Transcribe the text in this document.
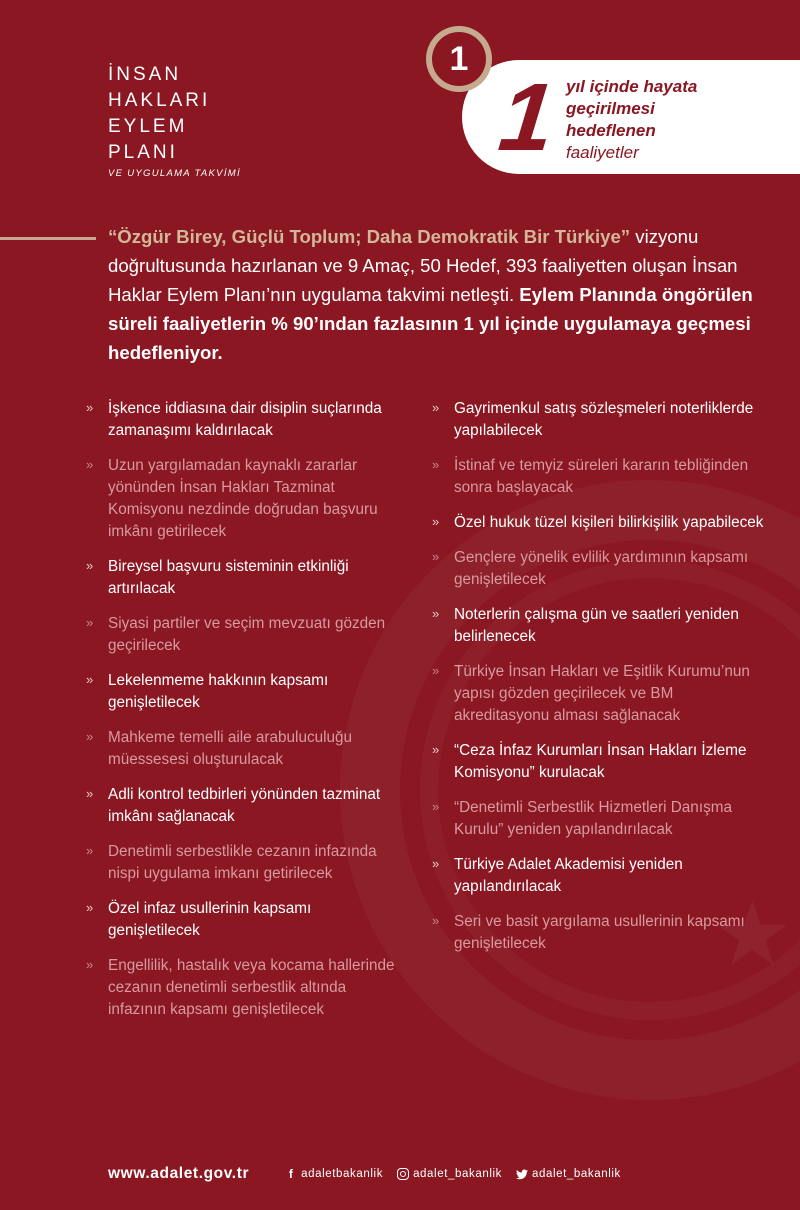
★
İNSAN
HAKLARI
EYLEM
PLANI
VE UYGULAMA TAKVİMİ
1
1 yıl içinde hayata
geçirilmesi
hedeflenen
faaliyetler
“Özgür Birey, Güçlü Toplum; Daha Demokratik Bir Türkiye” vizyonu doğrultusunda hazırlanan ve 9 Amaç, 50 Hedef, 393 faaliyetten oluşan İnsan Haklar Eylem Planı’nın uygulama takvimi netleşti. Eylem Planında öngörülen süreli faaliyetlerin % 90’ından fazlasının 1 yıl içinde uygulamaya geçmesi hedefleniyor.
» İşkence iddiasına dair disiplin suçlarında zamanaşımı kaldırılacak
» Uzun yargılamadan kaynaklı zararlar yönünden İnsan Hakları Tazminat Komisyonu nezdinde doğrudan başvuru imkânı getirilecek
» Bireysel başvuru sisteminin etkinliği artırılacak
» Siyasi partiler ve seçim mevzuatı gözden geçirilecek
» Lekelenmeme hakkının kapsamı genişletilecek
» Mahkeme temelli aile arabuluculuğu müessesesi oluşturulacak
» Adli kontrol tedbirleri yönünden tazminat imkânı sağlanacak
» Denetimli serbestlikle cezanın infazında nispi uygulama imkanı getirilecek
» Özel infaz usullerinin kapsamı genişletilecek
» Engellilik, hastalık veya kocama hallerinde cezanın denetimli serbestlik altında infazının kapsamı genişletilecek
» Gayrimenkul satış sözleşmeleri noterliklerde yapılabilecek
» İstinaf ve temyiz süreleri kararın tebliğinden sonra başlayacak
» Özel hukuk tüzel kişileri bilirkişilik yapabilecek
» Gençlere yönelik evlilik yardımının kapsamı genişletilecek
» Noterlerin çalışma gün ve saatleri yeniden belirlenecek
» Türkiye İnsan Hakları ve Eşitlik Kurumu’nun yapısı gözden geçirilecek ve BM akreditasyonu alması sağlanacak
» “Ceza İnfaz Kurumları İnsan Hakları İzleme Komisyonu” kurulacak
» “Denetimli Serbestlik Hizmetleri Danışma Kurulu” yeniden yapılandırılacak
» Türkiye Adalet Akademisi yeniden yapılandırılacak
» Seri ve basit yargılama usullerinin kapsamı genişletilecek
www.adalet.gov.tr	f adaletbakanlik	adalet_bakanlik	adalet_bakanlik
